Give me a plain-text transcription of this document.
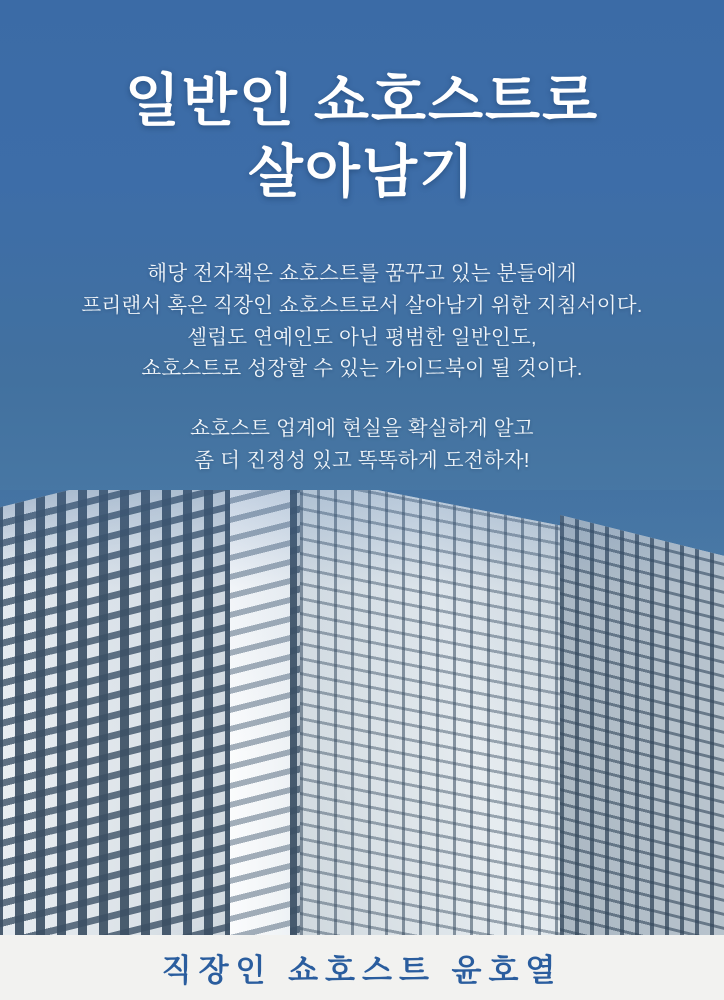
일반인 쇼호스트로
살아남기
해당 전자책은 쇼호스트를 꿈꾸고 있는 분들에게
프리랜서 혹은 직장인 쇼호스트로서 살아남기 위한 지침서이다.
셀럽도 연예인도 아닌 평범한 일반인도,
쇼호스트로 성장할 수 있는 가이드북이 될 것이다.
쇼호스트 업계에 현실을 확실하게 알고
좀 더 진정성 있고 똑똑하게 도전하자!
직장인 쇼호스트 윤호열
